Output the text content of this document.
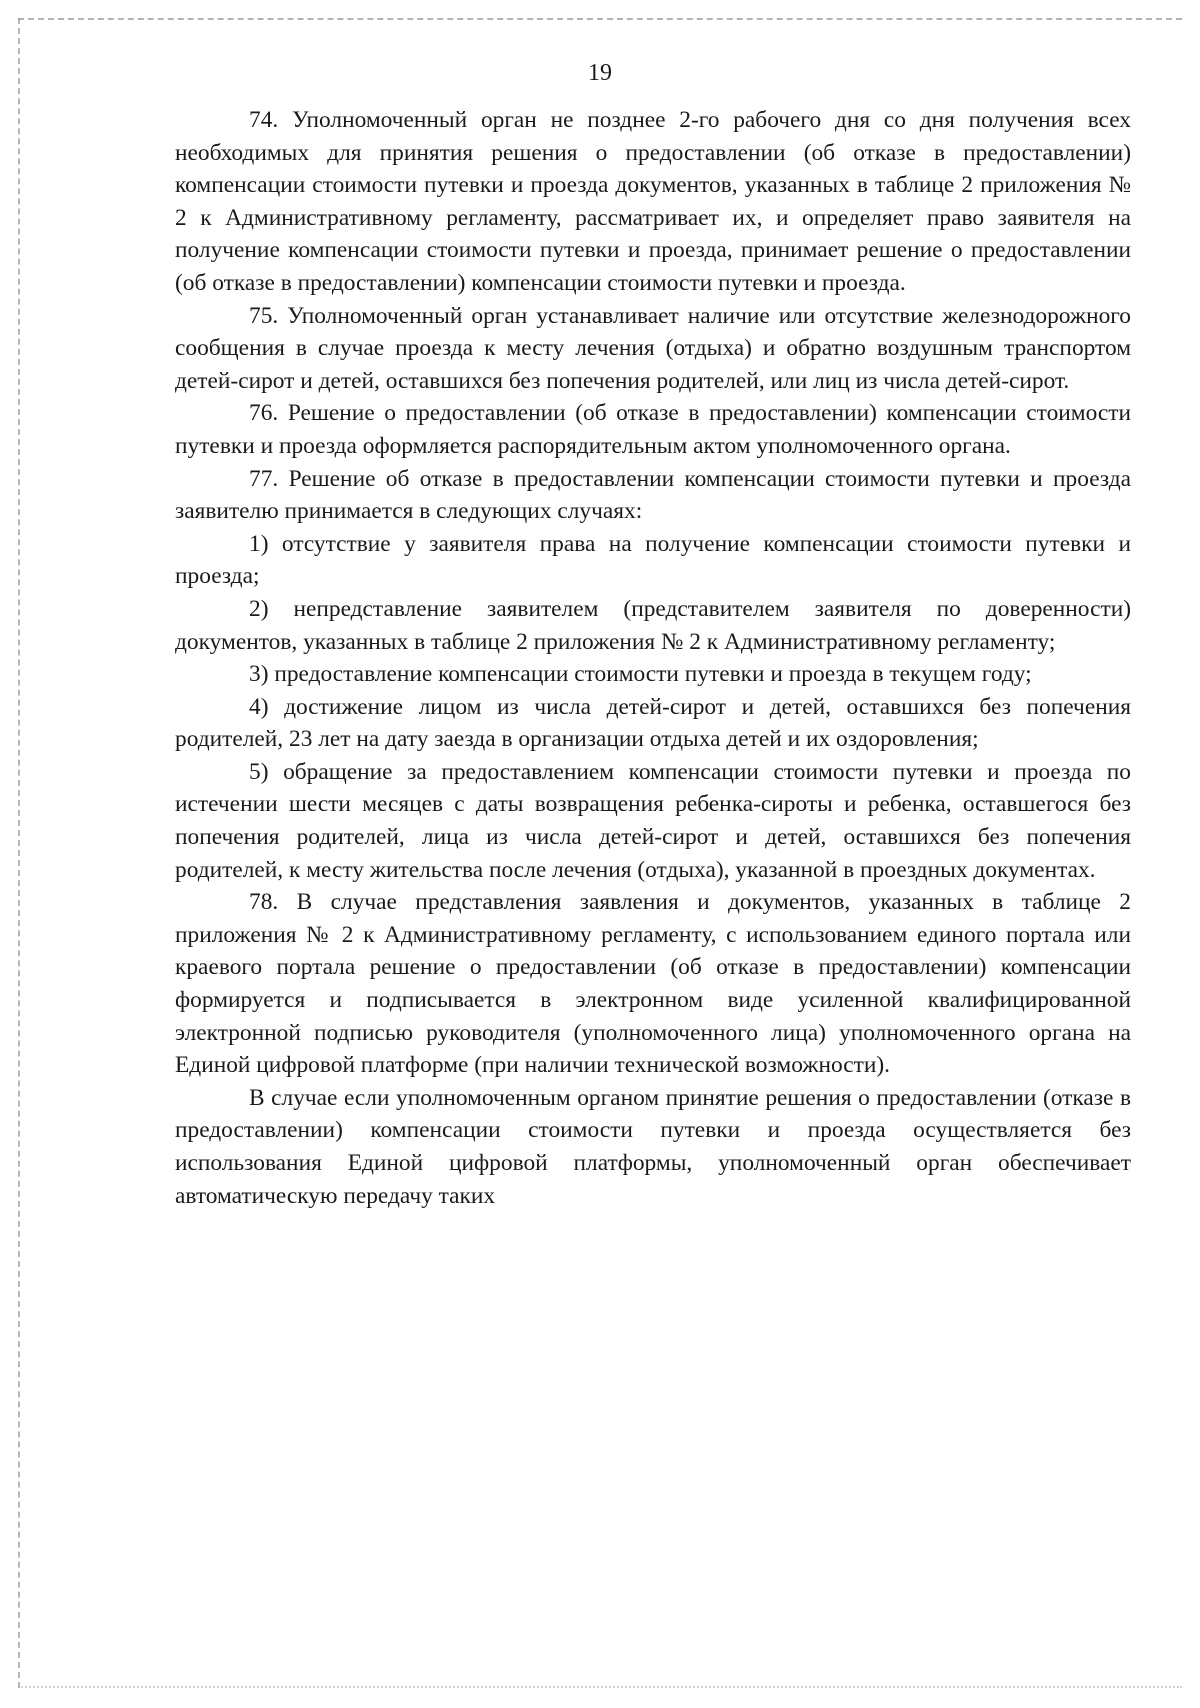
19

74. Уполномоченный орган не позднее 2-го рабочего дня со дня получения всех необходимых для принятия решения о предоставлении (об отказе в предоставлении) компенсации стоимости путевки и проезда документов, указанных в таблице 2 приложения № 2 к Административному регламенту, рассматривает их, и определяет право заявителя на получение компенсации стоимости путевки и проезда, принимает решение о предоставлении (об отказе в предоставлении) компенсации стоимости путевки и проезда.

75. Уполномоченный орган устанавливает наличие или отсутствие железнодорожного сообщения в случае проезда к месту лечения (отдыха) и обратно воздушным транспортом детей-сирот и детей, оставшихся без попечения родителей, или лиц из числа детей-сирот.

76. Решение о предоставлении (об отказе в предоставлении) компенсации стоимости путевки и проезда оформляется распорядительным актом уполномоченного органа.

77. Решение об отказе в предоставлении компенсации стоимости путевки и проезда заявителю принимается в следующих случаях:

1) отсутствие у заявителя права на получение компенсации стоимости путевки и проезда;

2) непредставление заявителем (представителем заявителя по доверенности) документов, указанных в таблице 2 приложения № 2 к Административному регламенту;

3) предоставление компенсации стоимости путевки и проезда в текущем году;

4) достижение лицом из числа детей-сирот и детей, оставшихся без попечения родителей, 23 лет на дату заезда в организации отдыха детей и их оздоровления;

5) обращение за предоставлением компенсации стоимости путевки и проезда по истечении шести месяцев с даты возвращения ребенка-сироты и ребенка, оставшегося без попечения родителей, лица из числа детей-сирот и детей, оставшихся без попечения родителей, к месту жительства после лечения (отдыха), указанной в проездных документах.

78. В случае представления заявления и документов, указанных в таблице 2 приложения № 2 к Административному регламенту, с использованием единого портала или краевого портала решение о предоставлении (об отказе в предоставлении) компенсации формируется и подписывается в электронном виде усиленной квалифицированной электронной подписью руководителя (уполномоченного лица) уполномоченного органа на Единой цифровой платформе (при наличии технической возможности).

В случае если уполномоченным органом принятие решения о предоставлении (отказе в предоставлении) компенсации стоимости путевки и проезда осуществляется без использования Единой цифровой платформы, уполномоченный орган обеспечивает автоматическую передачу таких
